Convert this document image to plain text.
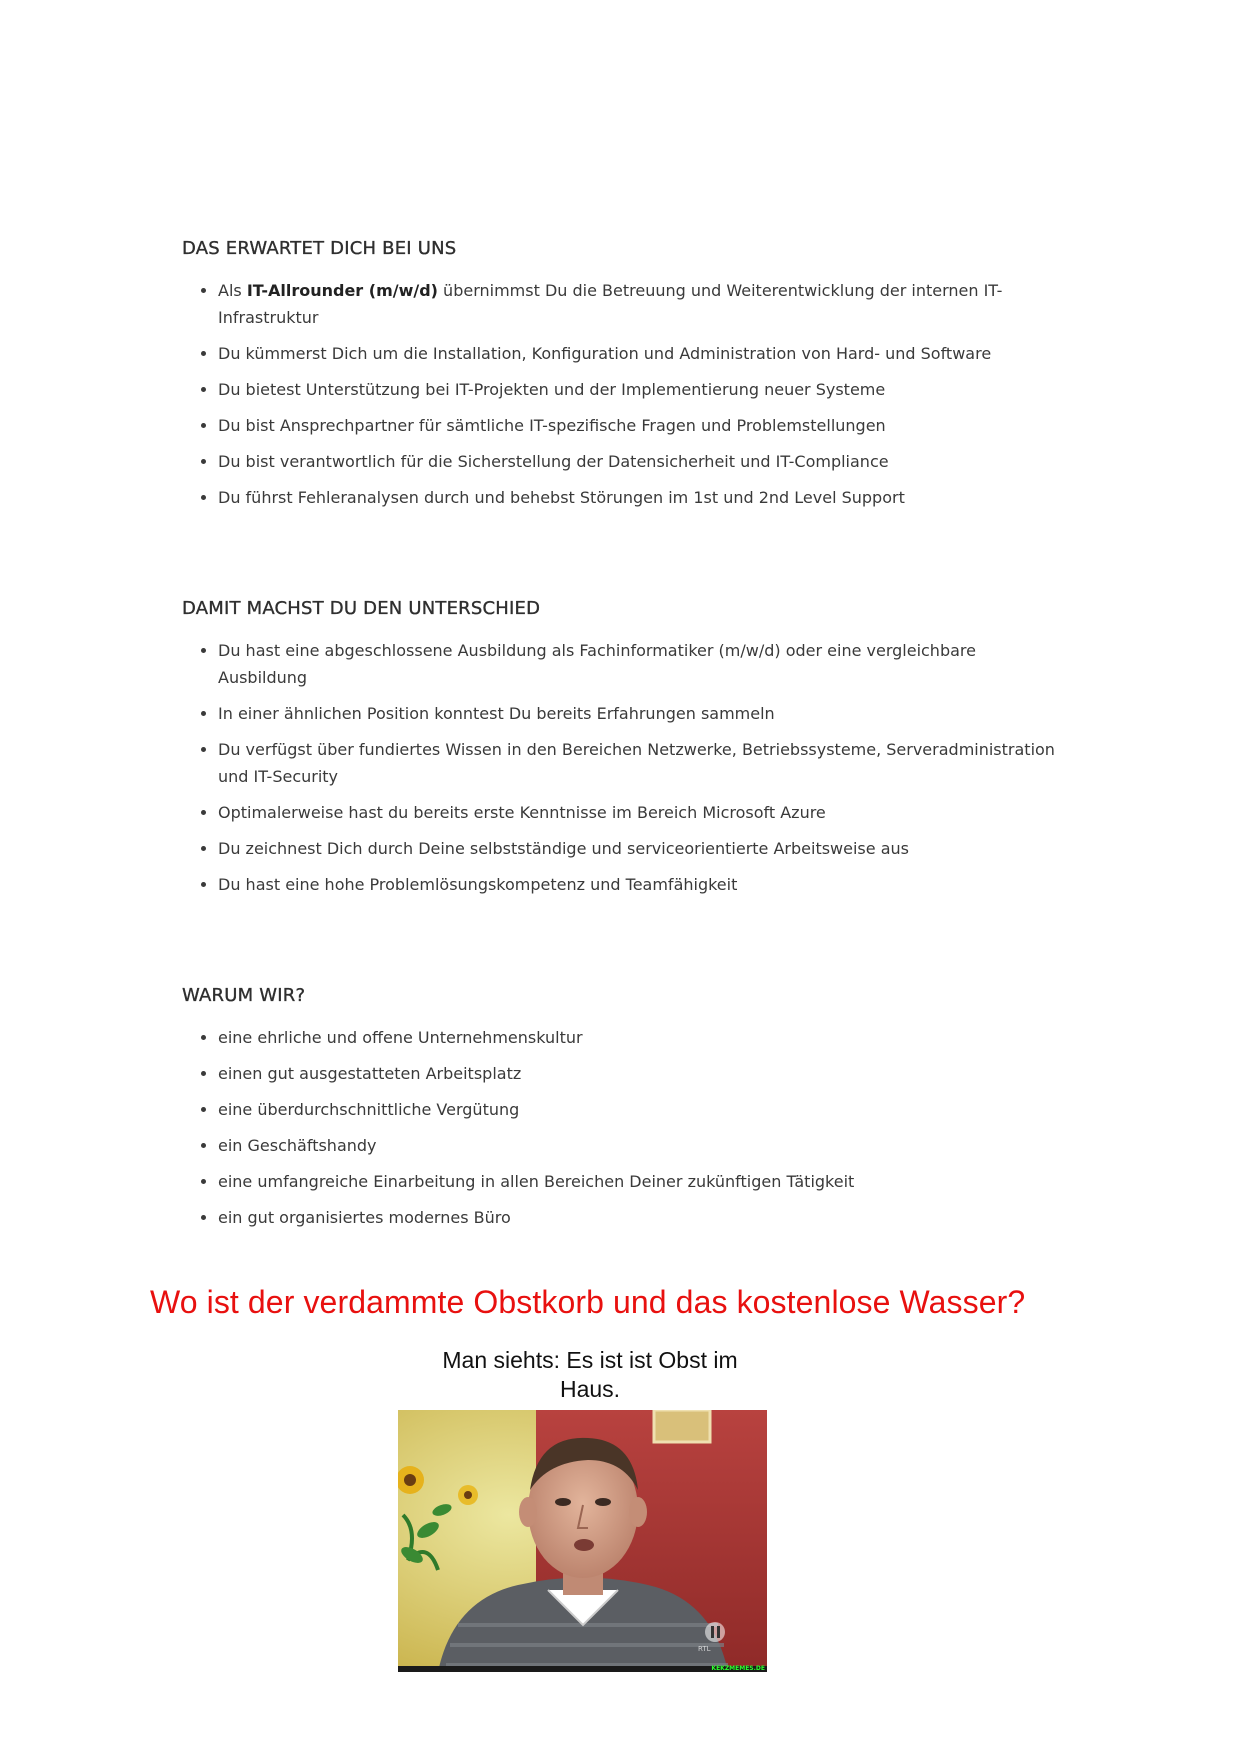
DAS ERWARTET DICH BEI UNS
Als IT-Allrounder (m/w/d) übernimmst Du die Betreuung und Weiterentwicklung der internen IT-Infrastruktur
Du kümmerst Dich um die Installation, Konfiguration und Administration von Hard- und Software
Du bietest Unterstützung bei IT-Projekten und der Implementierung neuer Systeme
Du bist Ansprechpartner für sämtliche IT-spezifische Fragen und Problemstellungen
Du bist verantwortlich für die Sicherstellung der Datensicherheit und IT-Compliance
Du führst Fehleranalysen durch und behebst Störungen im 1st und 2nd Level Support
DAMIT MACHST DU DEN UNTERSCHIED
Du hast eine abgeschlossene Ausbildung als Fachinformatiker (m/w/d) oder eine vergleichbare Ausbildung
In einer ähnlichen Position konntest Du bereits Erfahrungen sammeln
Du verfügst über fundiertes Wissen in den Bereichen Netzwerke, Betriebssysteme, Serveradministration und IT-Security
Optimalerweise hast du bereits erste Kenntnisse im Bereich Microsoft Azure
Du zeichnest Dich durch Deine selbstständige und serviceorientierte Arbeitsweise aus
Du hast eine hohe Problemlösungskompetenz und Teamfähigkeit
WARUM WIR?
eine ehrliche und offene Unternehmenskultur
einen gut ausgestatteten Arbeitsplatz
eine überdurchschnittliche Vergütung
ein Geschäftshandy
eine umfangreiche Einarbeitung in allen Bereichen Deiner zukünftigen Tätigkeit
ein gut organisiertes modernes Büro
Wo ist der verdammte Obstkorb und das kostenlose Wasser?
Man siehts: Es ist ist Obst im
Haus.
RTL
KEKZMEMES.DE
